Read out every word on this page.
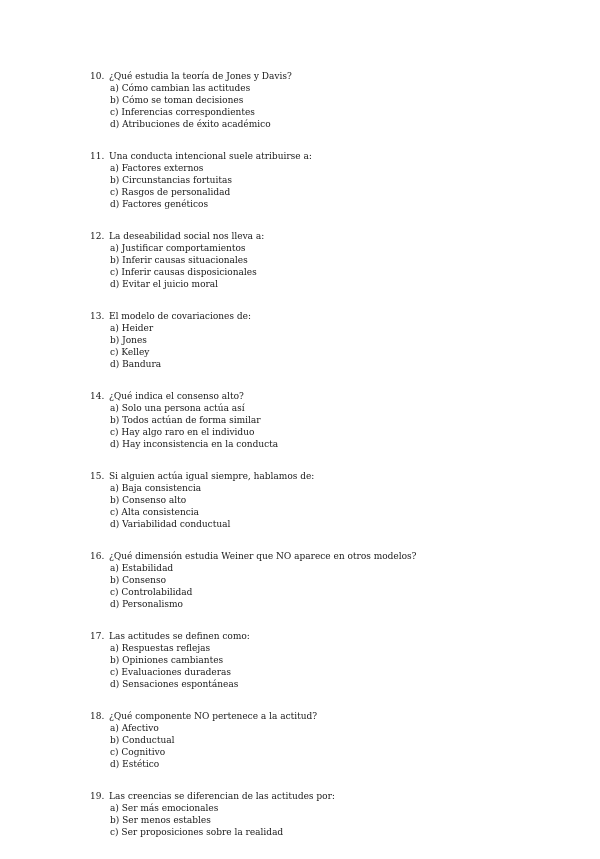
10. ¿Qué estudia la teoría de Jones y Davis?
a) Cómo cambian las actitudes
b) Cómo se toman decisiones
c) Inferencias correspondientes
d) Atribuciones de éxito académico
11. Una conducta intencional suele atribuirse a:
a) Factores externos
b) Circunstancias fortuitas
c) Rasgos de personalidad
d) Factores genéticos
12. La deseabilidad social nos lleva a:
a) Justificar comportamientos
b) Inferir causas situacionales
c) Inferir causas disposicionales
d) Evitar el juicio moral
13. El modelo de covariaciones de:
a) Heider
b) Jones
c) Kelley
d) Bandura
14. ¿Qué indica el consenso alto?
a) Solo una persona actúa así
b) Todos actúan de forma similar
c) Hay algo raro en el individuo
d) Hay inconsistencia en la conducta
15. Si alguien actúa igual siempre, hablamos de:
a) Baja consistencia
b) Consenso alto
c) Alta consistencia
d) Variabilidad conductual
16. ¿Qué dimensión estudia Weiner que NO aparece en otros modelos?
a) Estabilidad
b) Consenso
c) Controlabilidad
d) Personalismo
17. Las actitudes se definen como:
a) Respuestas reflejas
b) Opiniones cambiantes
c) Evaluaciones duraderas
d) Sensaciones espontáneas
18. ¿Qué componente NO pertenece a la actitud?
a) Afectivo
b) Conductual
c) Cognitivo
d) Estético
19. Las creencias se diferencian de las actitudes por:
a) Ser más emocionales
b) Ser menos estables
c) Ser proposiciones sobre la realidad
